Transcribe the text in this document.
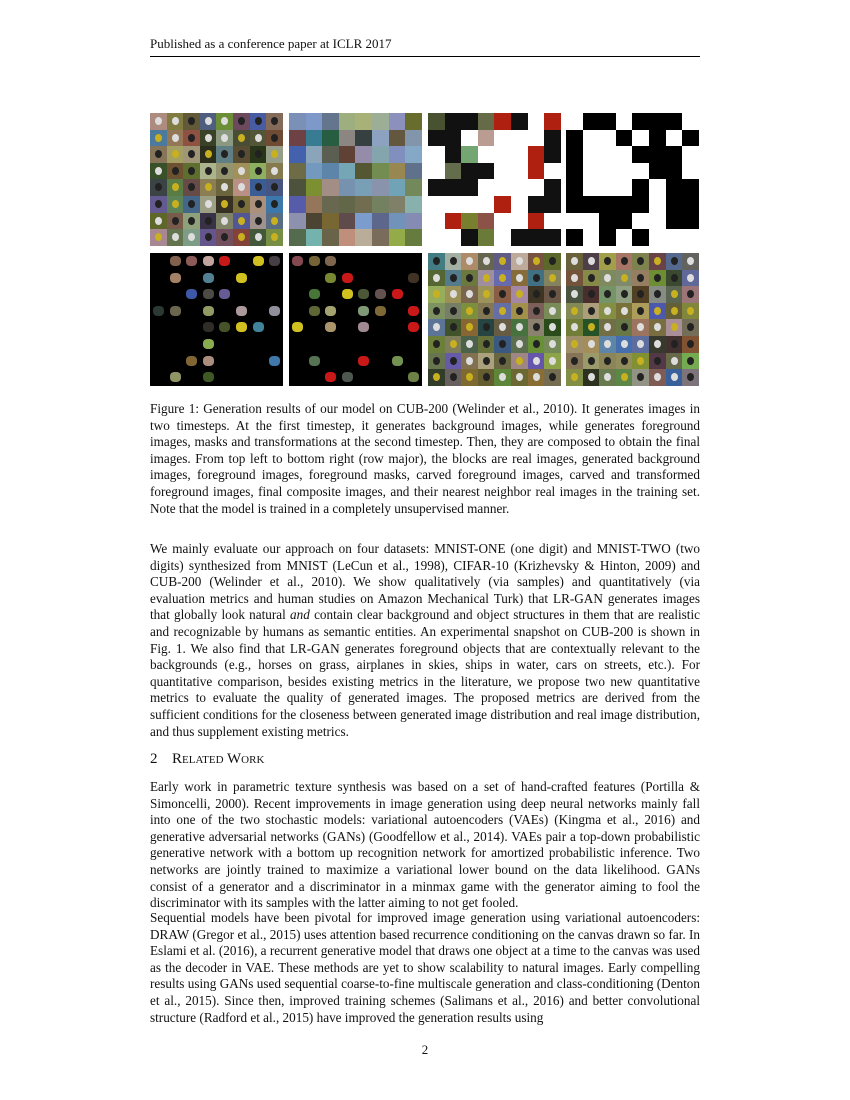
Published as a conference paper at ICLR 2017
Figure 1: Generation results of our model on CUB-200 (Welinder et al., 2010). It generates images in two timesteps. At the first timestep, it generates background images, while generates foreground images, masks and transformations at the second timestep. Then, they are composed to obtain the final images. From top left to bottom right (row major), the blocks are real images, generated background images, foreground images, foreground masks, carved foreground images, carved and transformed foreground images, final composite images, and their nearest neighbor real images in the training set. Note that the model is trained in a completely unsupervised manner.

We mainly evaluate our approach on four datasets: MNIST-ONE (one digit) and MNIST-TWO (two digits) synthesized from MNIST (LeCun et al., 1998), CIFAR-10 (Krizhevsky & Hinton, 2009) and CUB-200 (Welinder et al., 2010). We show qualitatively (via samples) and quantitatively (via evaluation metrics and human studies on Amazon Mechanical Turk) that LR-GAN generates images that globally look natural and contain clear background and object structures in them that are realistic and recognizable by humans as semantic entities. An experimental snapshot on CUB-200 is shown in Fig. 1. We also find that LR-GAN generates foreground objects that are contextually relevant to the backgrounds (e.g., horses on grass, airplanes in skies, ships in water, cars on streets, etc.). For quantitative comparison, besides existing metrics in the literature, we propose two new quantitative metrics to evaluate the quality of generated images. The proposed metrics are derived from the sufficient conditions for the closeness between generated image distribution and real image distribution, and thus supplement existing metrics.

2 Related Work

Early work in parametric texture synthesis was based on a set of hand-crafted features (Portilla & Simoncelli, 2000). Recent improvements in image generation using deep neural networks mainly fall into one of the two stochastic models: variational autoencoders (VAEs) (Kingma et al., 2016) and generative adversarial networks (GANs) (Goodfellow et al., 2014). VAEs pair a top-down probabilistic generative network with a bottom up recognition network for amortized probabilistic inference. Two networks are jointly trained to maximize a variational lower bound on the data likelihood. GANs consist of a generator and a discriminator in a minmax game with the generator aiming to fool the discriminator with its samples with the latter aiming to not get fooled.

Sequential models have been pivotal for improved image generation using variational autoencoders: DRAW (Gregor et al., 2015) uses attention based recurrence conditioning on the canvas drawn so far. In Eslami et al. (2016), a recurrent generative model that draws one object at a time to the canvas was used as the decoder in VAE. These methods are yet to show scalability to natural images. Early compelling results using GANs used sequential coarse-to-fine multiscale generation and class-conditioning (Denton et al., 2015). Since then, improved training schemes (Salimans et al., 2016) and better convolutional structure (Radford et al., 2015) have improved the generation results using

2
